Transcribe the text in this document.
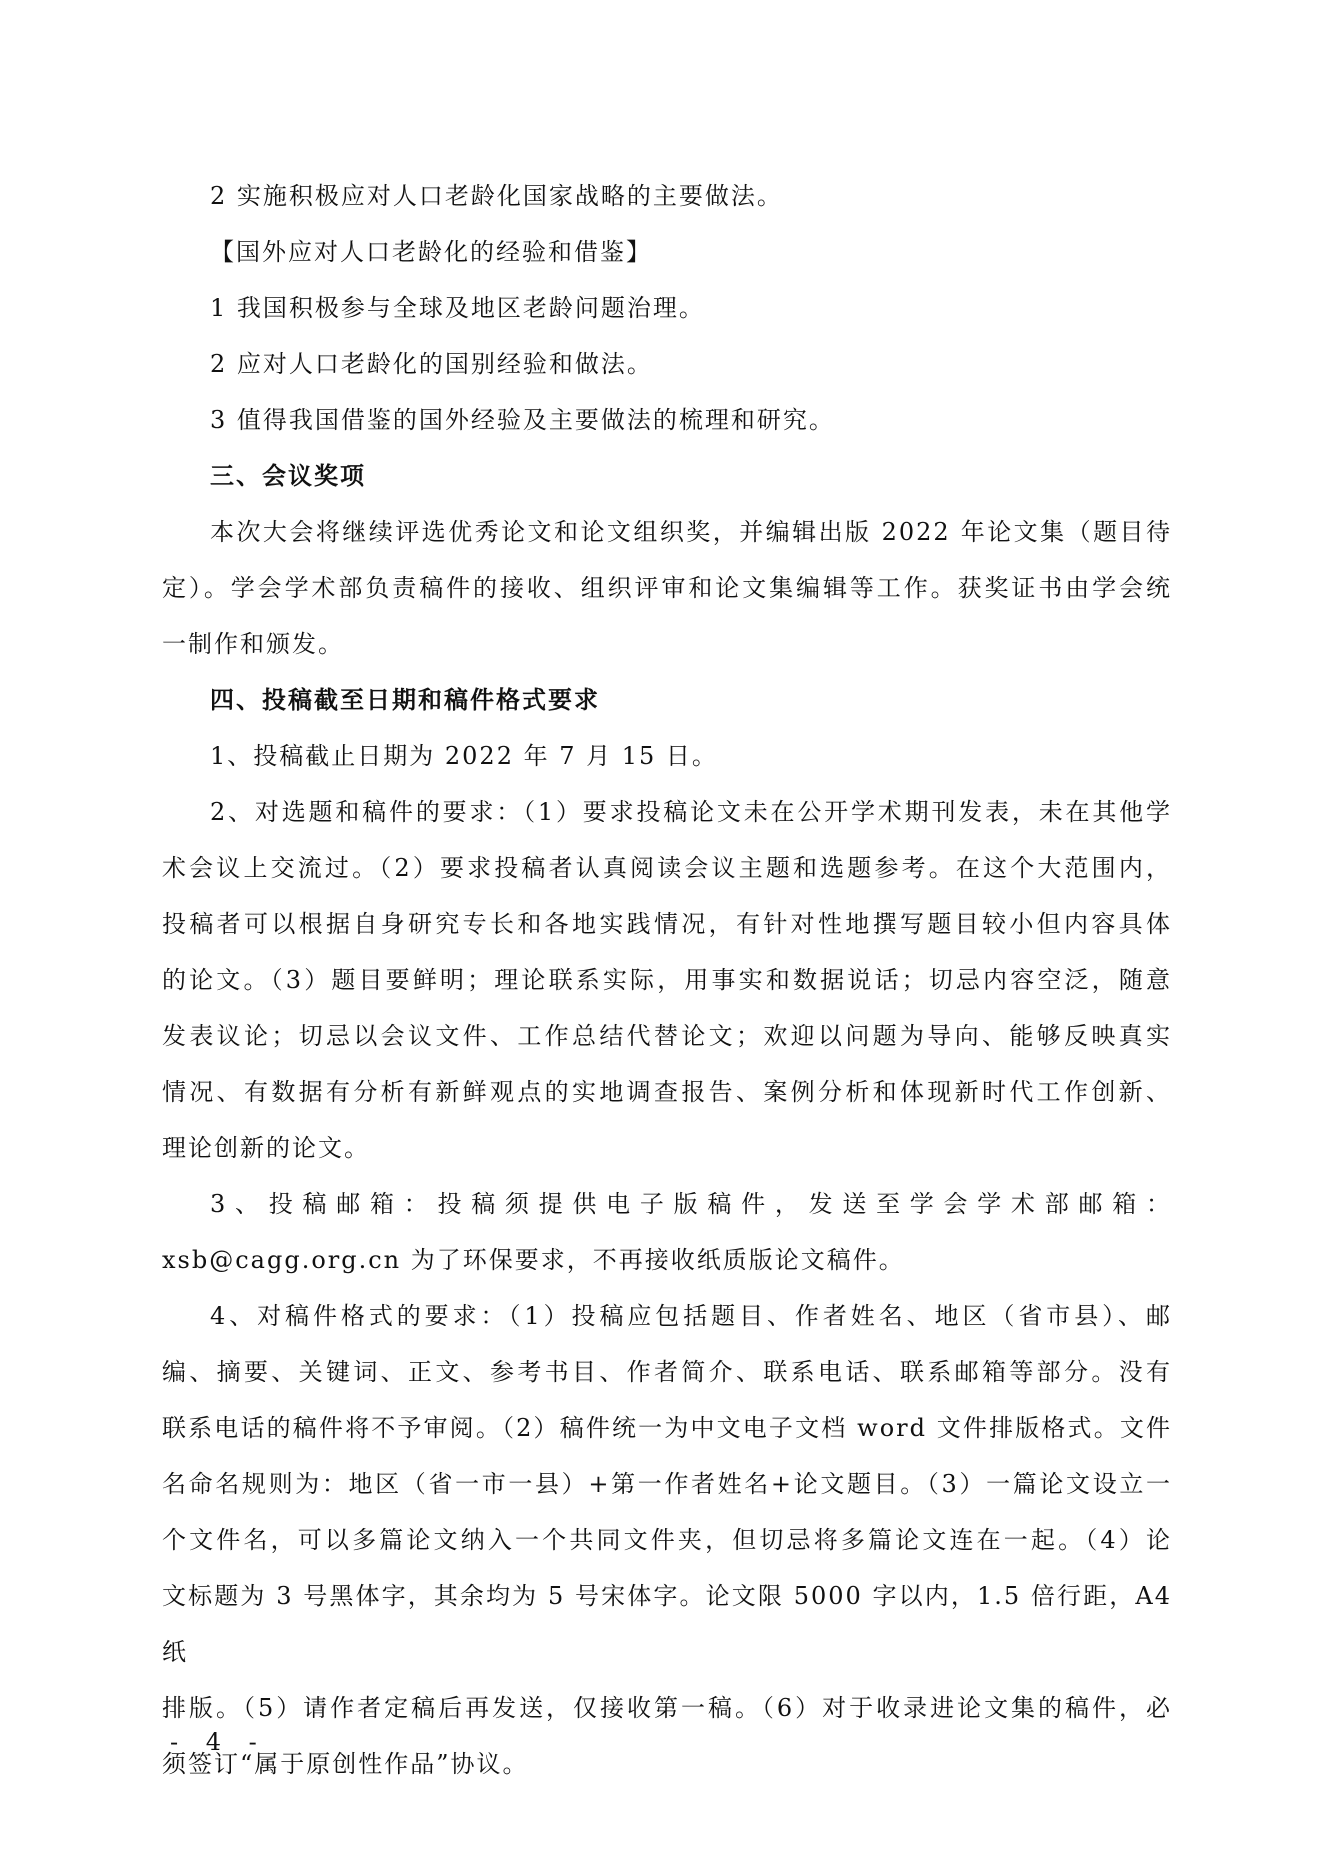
2 实施积极应对人口老龄化国家战略的主要做法。

【国外应对人口老龄化的经验和借鉴】

1 我国积极参与全球及地区老龄问题治理。

2 应对人口老龄化的国别经验和做法。

3 值得我国借鉴的国外经验及主要做法的梳理和研究。

三、会议奖项

本次大会将继续评选优秀论文和论文组织奖，并编辑出版 2022 年论文集（题目待

定）。学会学术部负责稿件的接收、组织评审和论文集编辑等工作。获奖证书由学会统

一制作和颁发。

四、投稿截至日期和稿件格式要求

1、投稿截止日期为 2022 年 7 月 15 日。

2、对选题和稿件的要求：（1）要求投稿论文未在公开学术期刊发表，未在其他学

术会议上交流过。（2）要求投稿者认真阅读会议主题和选题参考。在这个大范围内，

投稿者可以根据自身研究专长和各地实践情况，有针对性地撰写题目较小但内容具体

的论文。（3）题目要鲜明；理论联系实际，用事实和数据说话；切忌内容空泛，随意

发表议论；切忌以会议文件、工作总结代替论文；欢迎以问题为导向、能够反映真实

情况、有数据有分析有新鲜观点的实地调查报告、案例分析和体现新时代工作创新、

理论创新的论文。

3、投稿邮箱：投稿须提供电子版稿件，发送至学会学术部邮箱：

xsb@cagg.org.cn 为了环保要求，不再接收纸质版论文稿件。

4、对稿件格式的要求：（1）投稿应包括题目、作者姓名、地区（省市县）、邮

编、摘要、关键词、正文、参考书目、作者简介、联系电话、联系邮箱等部分。没有

联系电话的稿件将不予审阅。（2）稿件统一为中文电子文档 word 文件排版格式。文件

名命名规则为：地区（省一市一县）+第一作者姓名+论文题目。（3）一篇论文设立一

个文件名，可以多篇论文纳入一个共同文件夹，但切忌将多篇论文连在一起。（4）论

文标题为 3 号黑体字，其余均为 5 号宋体字。论文限 5000 字以内，1.5 倍行距，A4 纸

排版。（5）请作者定稿后再发送，仅接收第一稿。（6）对于收录进论文集的稿件，必

须签订“属于原创性作品”协议。

- 4 -
